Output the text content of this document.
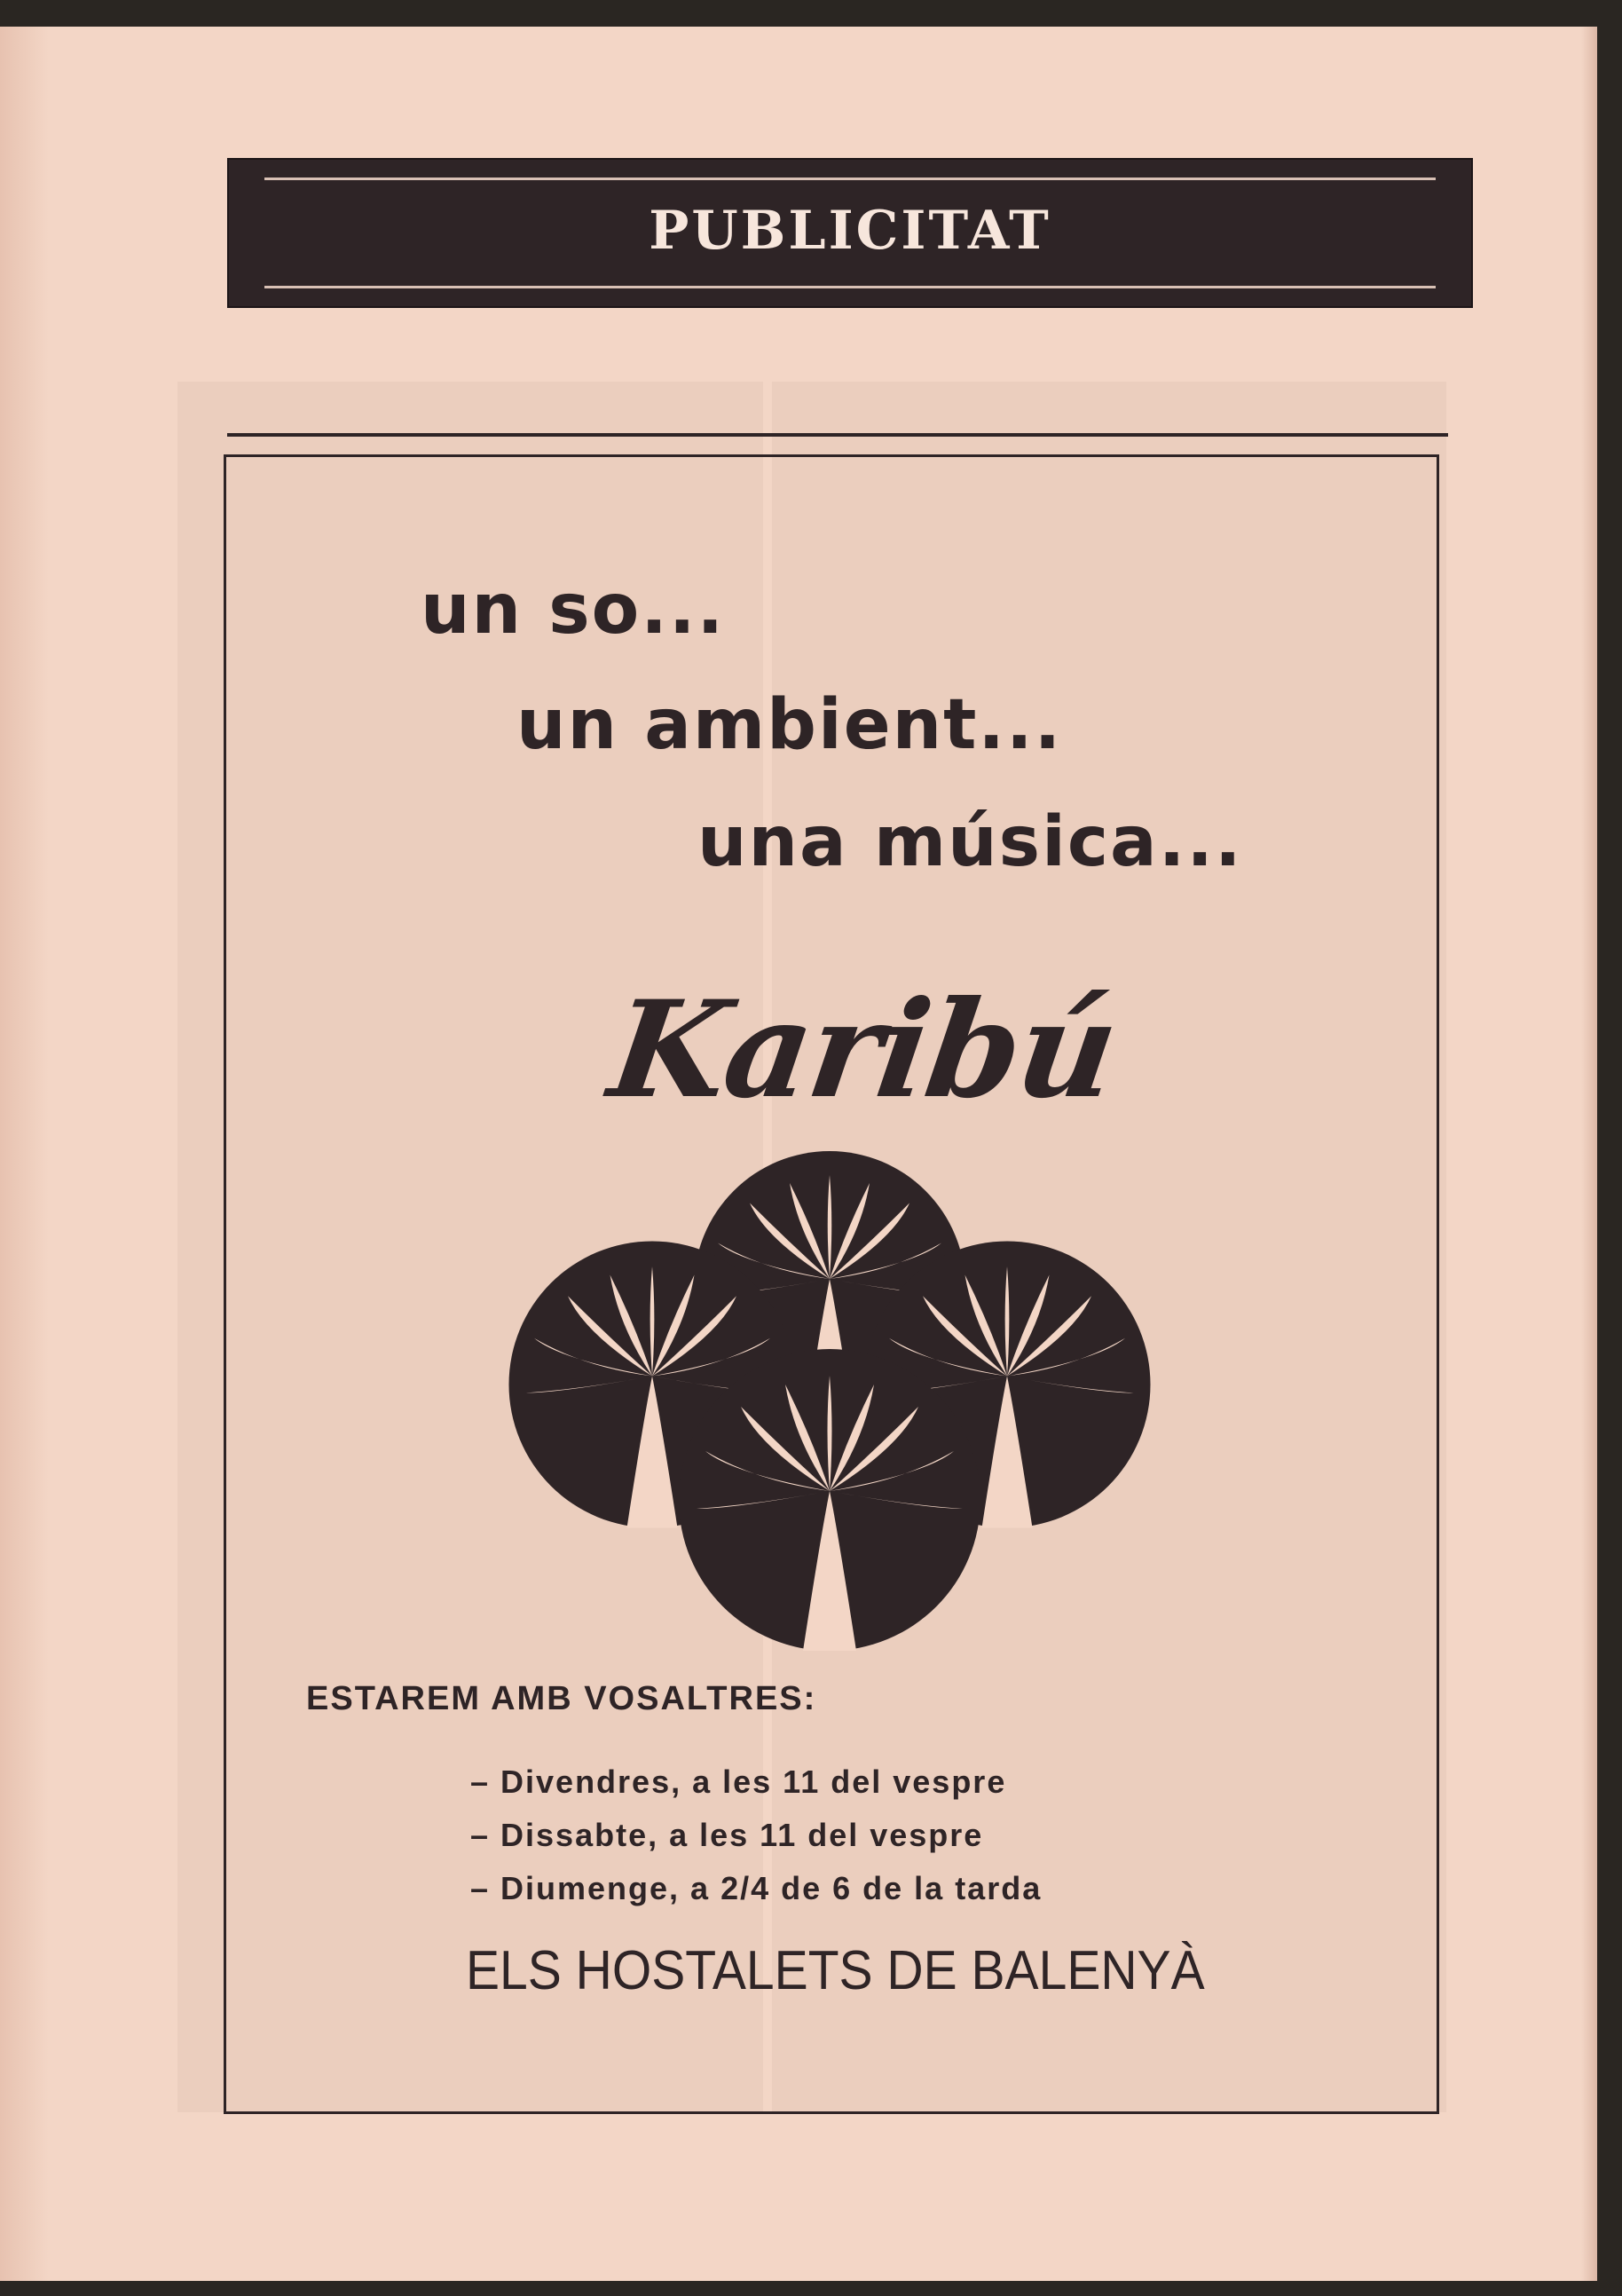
PUBLICITAT
un so...
un ambient...
una música...
Karibú
ESTAREM AMB VOSALTRES:
– Divendres, a les 11 del vespre
– Dissabte, a les 11 del vespre
– Diumenge, a 2/4 de 6 de la tarda
ELS HOSTALETS DE BALENYÀ
